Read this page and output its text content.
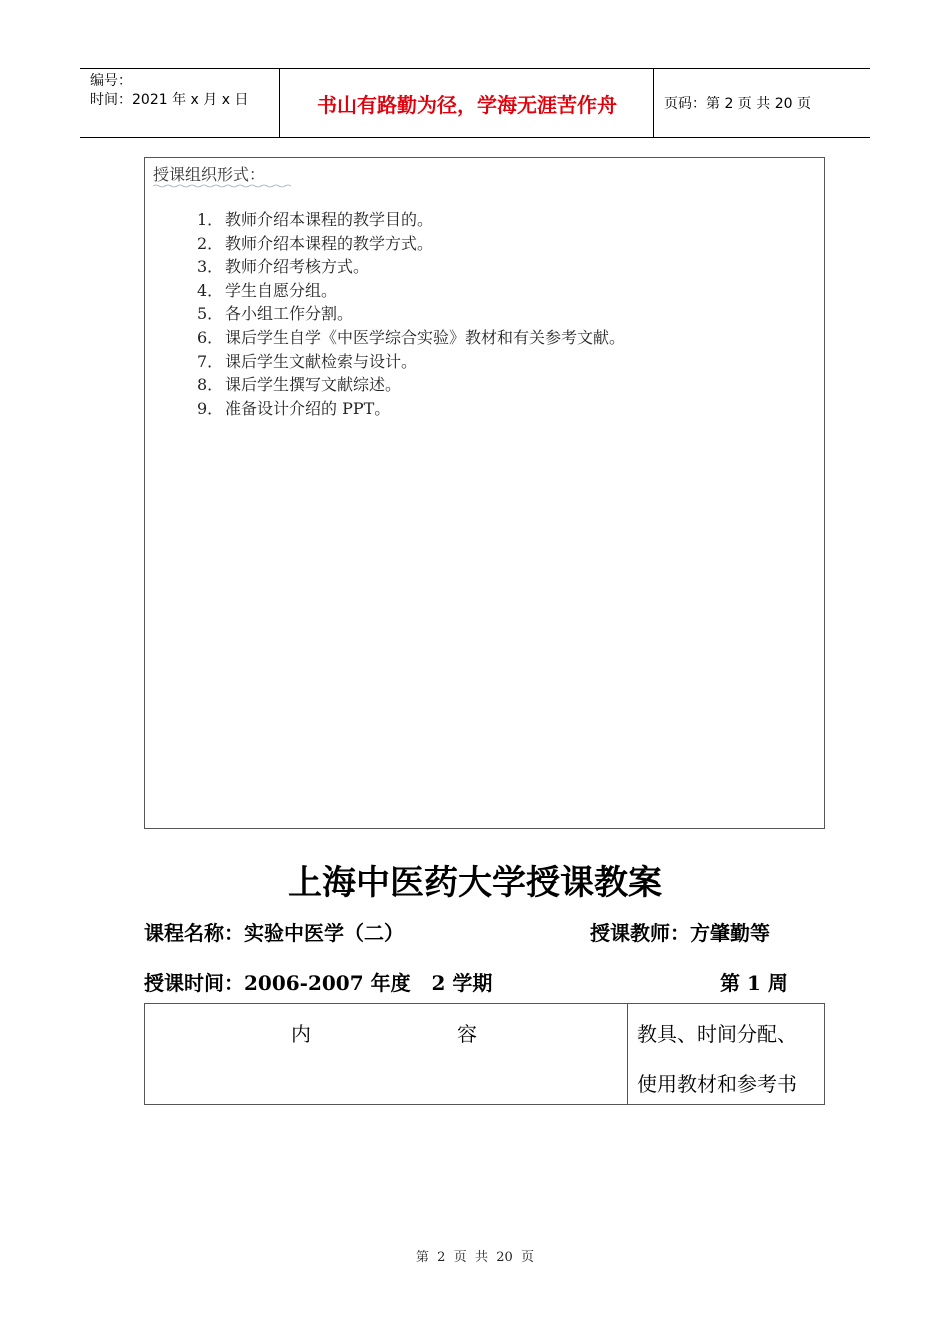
编号：
时间：2021 年 x 月 x 日	书山有路勤为径，学海无涯苦作舟	页码：第 2 页 共 20 页
授课组织形式：
1． 教师介绍本课程的教学目的。
2． 教师介绍本课程的教学方式。
3． 教师介绍考核方式。
4． 学生自愿分组。
5． 各小组工作分割。
6． 课后学生自学《中医学综合实验》教材和有关参考文献。
7． 课后学生文献检索与设计。
8． 课后学生撰写文献综述。
9． 准备设计介绍的 PPT。
上海中医药大学授课教案
课程名称：实验中医学（二）	授课教师：方肇勤等
授课时间：2006-2007 年度   2 学期	第 1 周
内	容	教具、时间分配、
使用教材和参考书
第  2  页  共  20  页
